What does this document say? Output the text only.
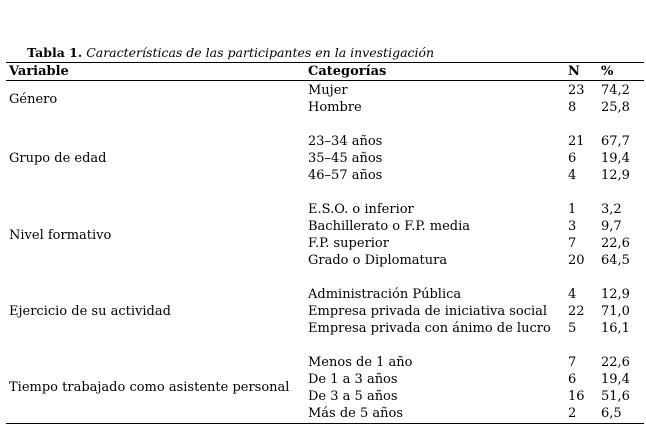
Tabla 1. Características de las participantes en la investigación
Variable	Categorías	N %
Género
Mujer	23 74,2
Hombre	8 25,8
Grupo de edad
23–34 años	21 67,7
35–45 años	6 19,4
46–57 años	4 12,9
Nivel formativo
E.S.O. o inferior	1 3,2
Bachillerato o F.P. media	3 9,7
F.P. superior	7 22,6
Grado o Diplomatura	20 64,5
Ejercicio de su actividad
Administración Pública	4 12,9
Empresa privada de iniciativa social 22 71,0
Empresa privada con ánimo de lucro 5 16,1
Tiempo trabajado como asistente personal
Menos de 1 año	7 22,6
De 1 a 3 años	6 19,4
De 3 a 5 años	16 51,6
Más de 5 años	2 6,5
